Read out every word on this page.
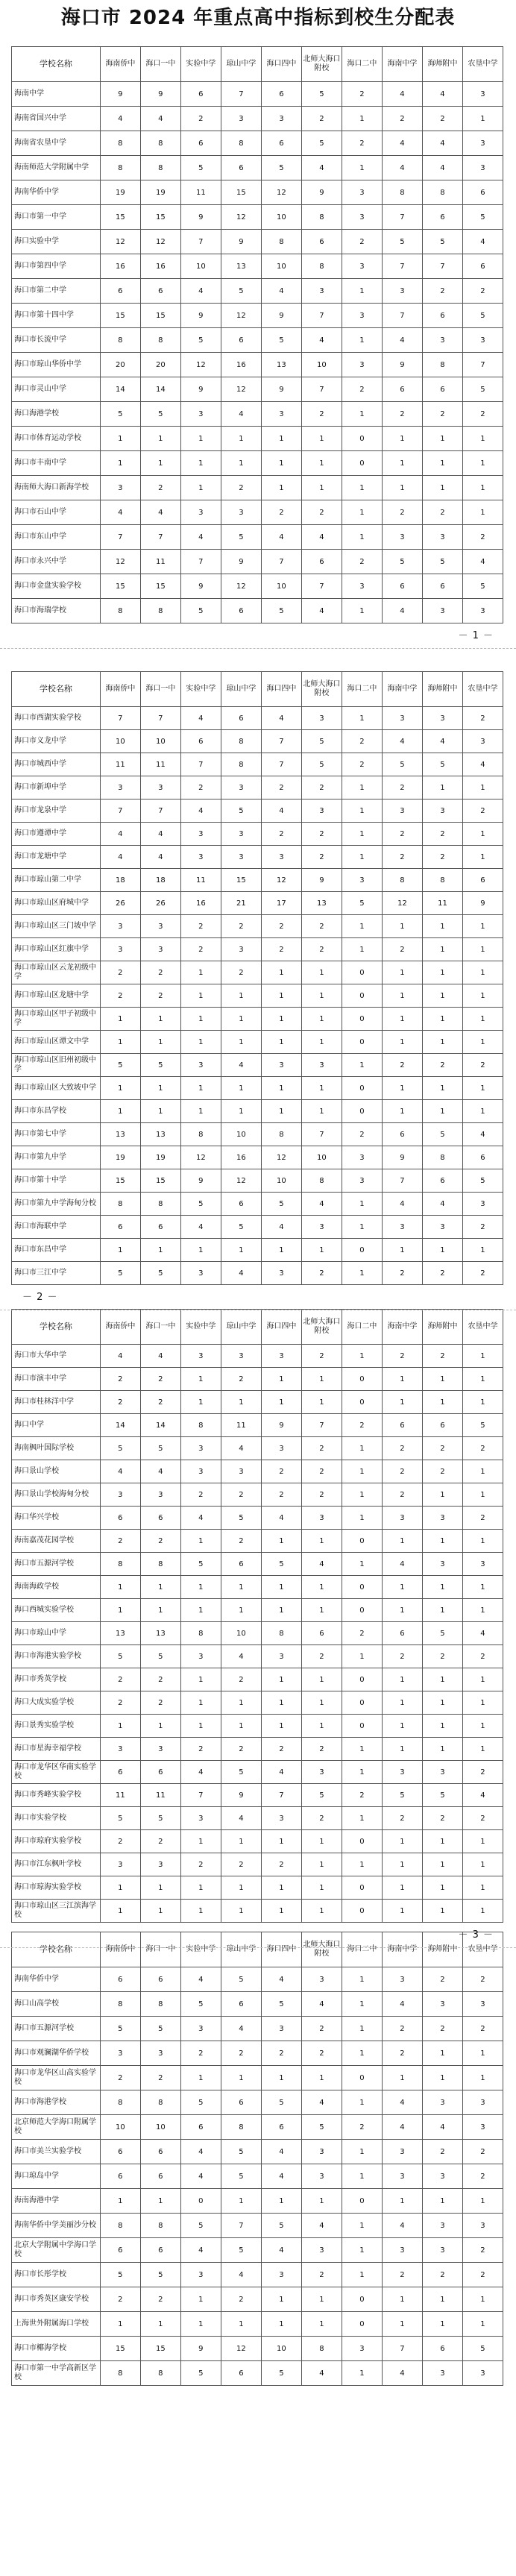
海口市 2024 年重点高中指标到校生分配表
学校名称	海南侨中	海口一中	实验中学	琼山中学	海口四中	北师大海口附校	海口二中	海南中学	海师附中	农垦中学
海南中学	9	9	6	7	6	5	2	4	4	3
海南省国兴中学	4	4	2	3	3	2	1	2	2	1
海南省农垦中学	8	8	6	8	6	5	2	4	4	3
海南师范大学附属中学	8	8	5	6	5	4	1	4	4	3
海南华侨中学	19	19	11	15	12	9	3	8	8	6
海口市第一中学	15	15	9	12	10	8	3	7	6	5
海口实验中学	12	12	7	9	8	6	2	5	5	4
海口市第四中学	16	16	10	13	10	8	3	7	7	6
海口市第二中学	6	6	4	5	4	3	1	3	2	2
海口市第十四中学	15	15	9	12	9	7	3	7	6	5
海口市长流中学	8	8	5	6	5	4	1	4	3	3
海口市琼山华侨中学	20	20	12	16	13	10	3	9	8	7
海口市灵山中学	14	14	9	12	9	7	2	6	6	5
海口海港学校	5	5	3	4	3	2	1	2	2	2
海口市体育运动学校	1	1	1	1	1	1	0	1	1	1
海口市丰南中学	1	1	1	1	1	1	0	1	1	1
海南师大海口新海学校	3	2	1	2	1	1	1	1	1	1
海口市石山中学	4	4	3	3	2	2	1	2	2	1
海口市东山中学	7	7	4	5	4	4	1	3	3	2
海口市永兴中学	12	11	7	9	7	6	2	5	5	4
海口市金盘实验学校	15	15	9	12	10	7	3	6	6	5
海口市海瑞学校	8	8	5	6	5	4	1	4	3	3
学校名称	海南侨中	海口一中	实验中学	琼山中学	海口四中	北师大海口附校	海口二中	海南中学	海师附中	农垦中学
海口市西湖实验学校	7	7	4	6	4	3	1	3	3	2
海口市义龙中学	10	10	6	8	7	5	2	4	4	3
海口市城西中学	11	11	7	8	7	5	2	5	5	4
海口市新埠中学	3	3	2	3	2	2	1	2	1	1
海口市龙泉中学	7	7	4	5	4	3	1	3	3	2
海口市遵谭中学	4	4	3	3	2	2	1	2	2	1
海口市龙塘中学	4	4	3	3	3	2	1	2	2	1
海口市琼山第二中学	18	18	11	15	12	9	3	8	8	6
海口市琼山区府城中学	26	26	16	21	17	13	5	12	11	9
海口市琼山区三门坡中学	3	3	2	2	2	2	1	1	1	1
海口市琼山区红旗中学	3	3	2	3	2	2	1	2	1	1
海口市琼山区云龙初级中学	2	2	1	2	1	1	0	1	1	1
海口市琼山区龙塘中学	2	2	1	1	1	1	0	1	1	1
海口市琼山区甲子初级中学	1	1	1	1	1	1	0	1	1	1
海口市琼山区谭文中学	1	1	1	1	1	1	0	1	1	1
海口市琼山区旧州初级中学	5	5	3	4	3	3	1	2	2	2
海口市琼山区大致坡中学	1	1	1	1	1	1	0	1	1	1
海口市东昌学校	1	1	1	1	1	1	0	1	1	1
海口市第七中学	13	13	8	10	8	7	2	6	5	4
海口市第九中学	19	19	12	16	12	10	3	9	8	6
海口市第十中学	15	15	9	12	10	8	3	7	6	5
海口市第九中学海甸分校	8	8	5	6	5	4	1	4	4	3
海口市海联中学	6	6	4	5	4	3	1	3	3	2
海口市东昌中学	1	1	1	1	1	1	0	1	1	1
海口市三江中学	5	5	3	4	3	2	1	2	2	2
学校名称	海南侨中	海口一中	实验中学	琼山中学	海口四中	北师大海口附校	海口二中	海南中学	海师附中	农垦中学
海口市大华中学	4	4	3	3	3	2	1	2	2	1
海口市演丰中学	2	2	1	2	1	1	0	1	1	1
海口市桂林洋中学	2	2	1	1	1	1	0	1	1	1
海口中学	14	14	8	11	9	7	2	6	6	5
海南枫叶国际学校	5	5	3	4	3	2	1	2	2	2
海口景山学校	4	4	3	3	2	2	1	2	2	1
海口景山学校海甸分校	3	3	2	2	2	2	1	2	1	1
海口华兴学校	6	6	4	5	4	3	1	3	3	2
海南嘉茂花园学校	2	2	1	2	1	1	0	1	1	1
海口市五源河学校	8	8	5	6	5	4	1	4	3	3
海南海政学校	1	1	1	1	1	1	0	1	1	1
海口西城实验学校	1	1	1	1	1	1	0	1	1	1
海口市琼山中学	13	13	8	10	8	6	2	6	5	4
海口市海港实验学校	5	5	3	4	3	2	1	2	2	2
海口市秀英学校	2	2	1	2	1	1	0	1	1	1
海口大成实验学校	2	2	1	1	1	1	0	1	1	1
海口景秀实验学校	1	1	1	1	1	1	0	1	1	1
海口市星海幸福学校	3	3	2	2	2	2	1	1	1	1
海口市龙华区华南实验学校	6	6	4	5	4	3	1	3	3	2
海口市秀峰实验学校	11	11	7	9	7	5	2	5	5	4
海口市实验学校	5	5	3	4	3	2	1	2	2	2
海口市琼府实验学校	2	2	1	1	1	1	0	1	1	1
海口市江东枫叶学校	3	3	2	2	2	1	1	1	1	1
海口市琼海实验学校	1	1	1	1	1	1	0	1	1	1
海口市琼山区三江滨海学校	1	1	1	1	1	1	0	1	1	1
学校名称	海南侨中	海口一中	实验中学	琼山中学	海口四中	北师大海口附校	海口二中	海南中学	海师附中	农垦中学
海南华侨中学	6	6	4	5	4	3	1	3	2	2
海口山高学校	8	8	5	6	5	4	1	4	3	3
海口市五源河学校	5	5	3	4	3	2	1	2	2	2
海口市观澜湖华侨学校	3	3	2	2	2	2	1	2	1	1
海口市龙华区山高实验学校	2	2	1	1	1	1	0	1	1	1
海口市海港学校	8	8	5	6	5	4	1	4	3	3
北京师范大学海口附属学校	10	10	6	8	6	5	2	4	4	3
海口市美兰实验学校	6	6	4	5	4	3	1	3	2	2
海口琼岛中学	6	6	4	5	4	3	1	3	3	2
海南海港中学	1	1	0	1	1	1	0	1	1	1
海南华侨中学美丽沙分校	8	8	5	7	5	4	1	4	3	3
北京大学附属中学海口学校	6	6	4	5	4	3	1	3	3	2
海口市长彤学校	5	5	3	4	3	2	1	2	2	2
海口市秀英区康安学校	2	2	1	2	1	1	0	1	1	1
上海世外附属海口学校	1	1	1	1	1	1	0	1	1	1
海口市椰海学校	15	15	9	12	10	8	3	7	6	5
海口市第一中学高新区学校	8	8	5	6	5	4	1	4	3	3
－ 1 －
－ 2 －
－ 3 －
